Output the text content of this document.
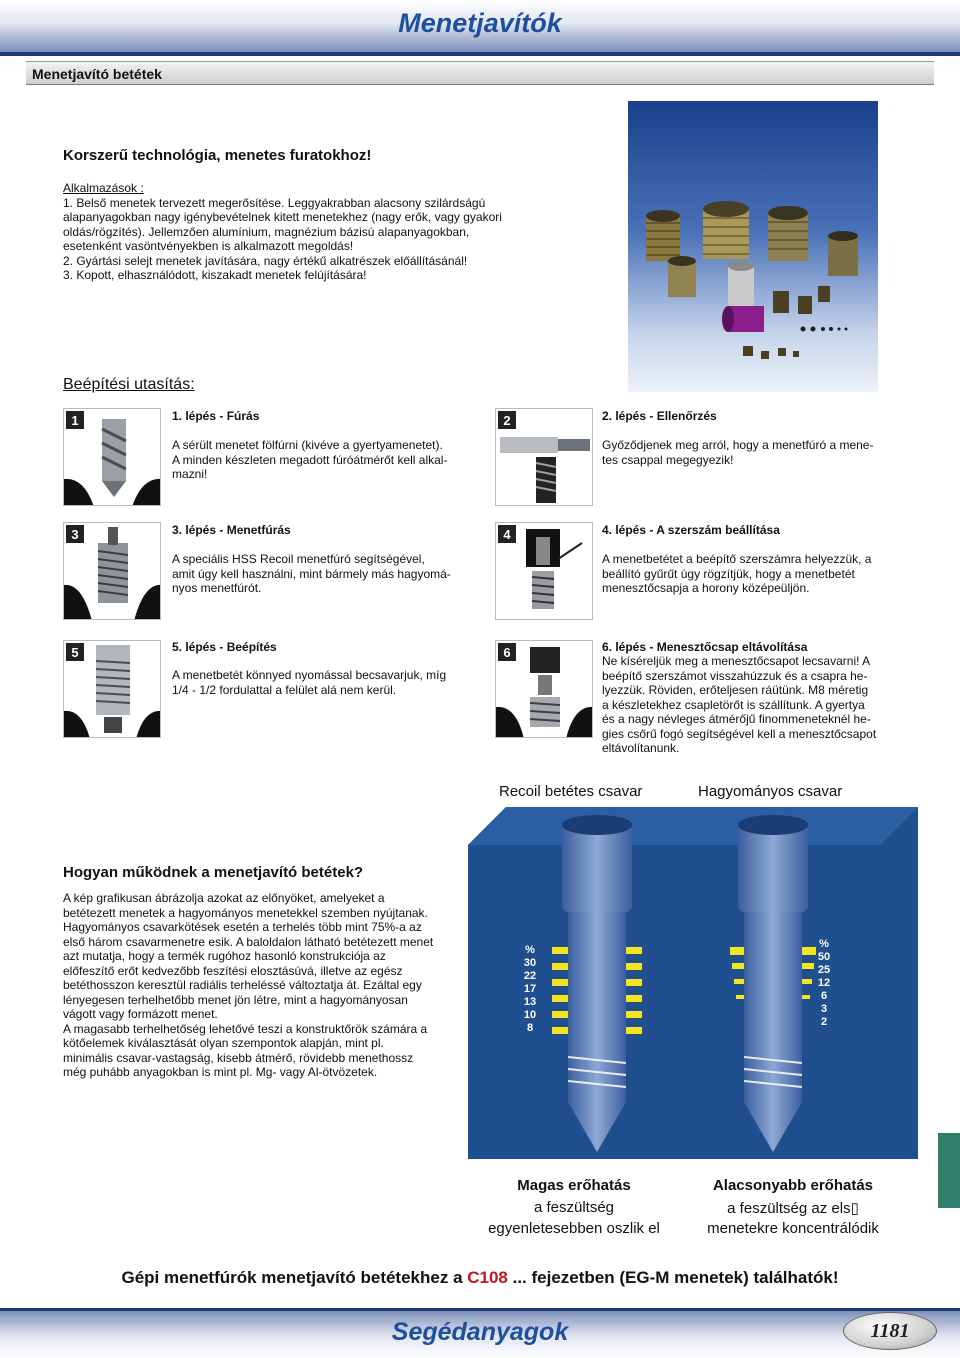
Menetjavítók
Menetjavító betétek
Korszerű technológia, menetes furatokhoz!
Alkalmazások :
1. Belső menetek tervezett megerősítése. Leggyakrabban alacsony szilárdságú
alapanyagokban nagy igénybevételnek kitett menetekhez (nagy erők, vagy gyakori
oldás/rögzítés). Jellemzően alumínium, magnézium bázisú alapanyagokban,
esetenként vasöntvényekben is alkalmazott megoldás!
2. Gyártási selejt menetek javítására, nagy értékű alkatrészek előállításánál!
3. Kopott, elhasználódott, kiszakadt menetek felújítására!
Beépítési utasítás:
1	1. lépés - Fúrás
A sérült menetet fölfúrni (kivéve a gyertyamenetet).
A minden készleten megadott fúróátmérőt kell alkal-
mazni!
2	2. lépés - Ellenőrzés
Győződjenek meg arról, hogy a menetfúró a mene-
tes csappal megegyezik!
3	3. lépés - Menetfúrás
A speciális HSS Recoil menetfúró segítségével,
amit úgy kell használni, mint bármely más hagyomá-
nyos menetfúrót.
4	4. lépés - A szerszám beállítása
A menetbetétet a beépítő szerszámra helyezzük, a
beállító gyűrűt úgy rögzítjük, hogy a menetbetét
menesztőcsapja a horony középeüljön.
5	5. lépés - Beépítés
A menetbetét könnyed nyomással becsavarjuk, míg
1/4 - 1/2 fordulattal a felület alá nem kerül.
6	6. lépés - Menesztőcsap eltávolítása
Ne kíséreljük meg a menesztőcsapot lecsavarni! A
beépítő szerszámot visszahúzzuk és a csapra he-
lyezzük. Röviden, erőteljesen ráütünk. M8 méretig
a készletekhez csapletörőt is szállítunk. A gyertya
és a nagy névleges átmérőjű finommeneteknél he-
gies csőrű fogó segítségével kell a menesztőcsapot
eltávolítanunk.
Recoil betétes csavar	Hagyományos csavar
%
30
22
17
13
10
8
%
50
25
12
6
3
2
Magas erőhatás
a feszültség
egyenletesebben oszlik el
Alacsonyabb erőhatás
a feszültség az els▯
menetekre koncentrálódik
Hogyan működnek a menetjavító betétek?
A kép grafikusan ábrázolja azokat az előnyöket, amelyeket a
betétezett menetek a hagyományos menetekkel szemben nyújtanak.
Hagyományos csavarkötések esetén a terhelés több mint 75%-a az
első három csavarmenetre esik. A baloldalon látható betétezett menet
azt mutatja, hogy a termék rugóhoz hasonló konstrukciója az
előfeszítő erőt kedvezőbb feszítési elosztásúvá, illetve az egész
betéthosszon keresztül radiális terheléssé változtatja át. Ezáltal egy
lényegesen terhelhetőbb menet jön létre, mint a hagyományosan
vágott vagy formázott menet.
A magasabb terhelhetőség lehetővé teszi a konstruktőrök számára a
kötőelemek kiválasztását olyan szempontok alapján, mint pl.
minimális csavar-vastagság, kisebb átmérő, rövidebb menethossz
még puhább anyagokban is mint pl. Mg- vagy Al-ötvözetek.
Gépi menetfúrók menetjavító betétekhez a C108 ... fejezetben (EG-M menetek) találhatók!
Segédanyagok	1181
